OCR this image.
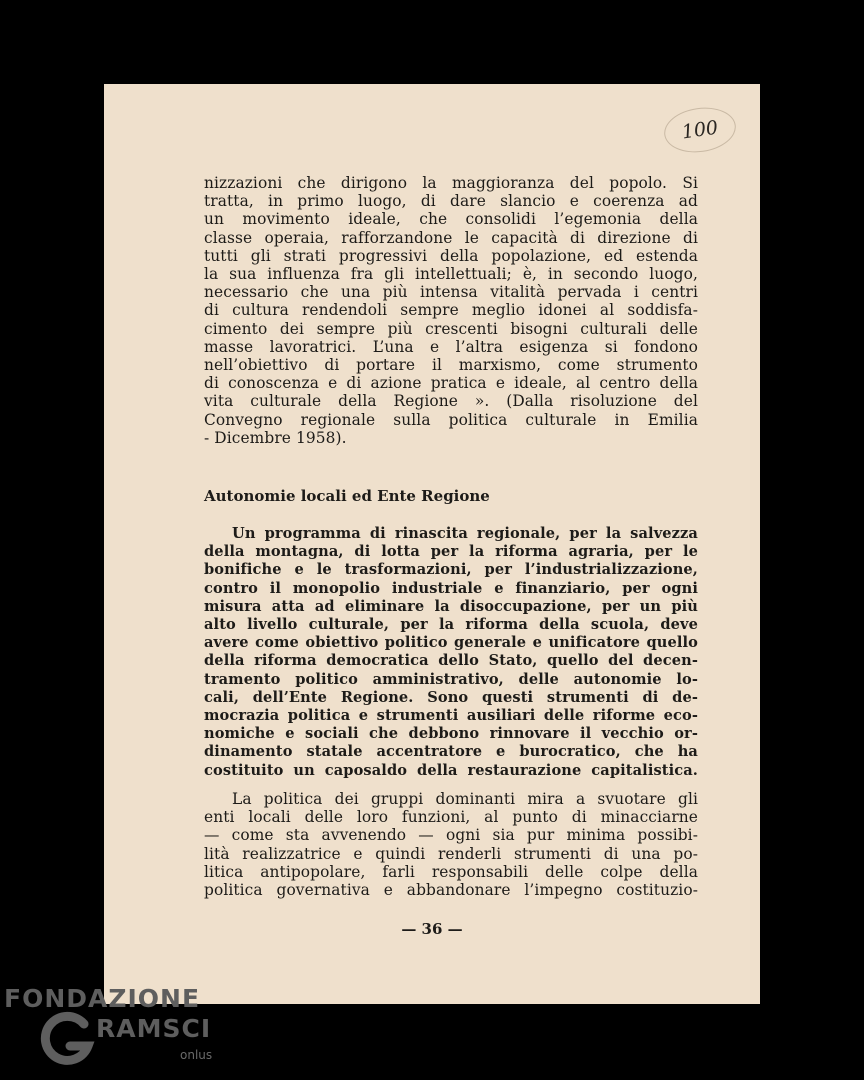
100
nizzazioni che dirigono la maggioranza del popolo. Si
tratta, in primo luogo, di dare slancio e coerenza ad
un movimento ideale, che consolidi l’egemonia della
classe operaia, rafforzandone le capacità di direzione di
tutti gli strati progressivi della popolazione, ed estenda
la sua influenza fra gli intellettuali; è, in secondo luogo,
necessario che una più intensa vitalità pervada i centri
di cultura rendendoli sempre meglio idonei al soddisfa-
cimento dei sempre più crescenti bisogni culturali delle
masse lavoratrici. L’una e l’altra esigenza si fondono
nell’obiettivo di portare il marxismo, come strumento
di conoscenza e di azione pratica e ideale, al centro della
vita culturale della Regione ». (Dalla risoluzione del
Convegno regionale sulla politica culturale in Emilia
- Dicembre 1958).
Autonomie locali ed Ente Regione
Un programma di rinascita regionale, per la salvezza
della montagna, di lotta per la riforma agraria, per le
bonifiche e le trasformazioni, per l’industrializzazione,
contro il monopolio industriale e finanziario, per ogni
misura atta ad eliminare la disoccupazione, per un più
alto livello culturale, per la riforma della scuola, deve
avere come obiettivo politico generale e unificatore quello
della riforma democratica dello Stato, quello del decen-
tramento politico amministrativo, delle autonomie lo-
cali, dell’Ente Regione. Sono questi strumenti di de-
mocrazia politica e strumenti ausiliari delle riforme eco-
nomiche e sociali che debbono rinnovare il vecchio or-
dinamento statale accentratore e burocratico, che ha
costituito un caposaldo della restaurazione capitalistica.
La politica dei gruppi dominanti mira a svuotare gli
enti locali delle loro funzioni, al punto di minacciarne
— come sta avvenendo — ogni sia pur minima possibi-
lità realizzatrice e quindi renderli strumenti di una po-
litica antipopolare, farli responsabili delle colpe della
politica governativa e abbandonare l’impegno costituzio-
— 36 —
FONDAZIONE
RAMSCI
onlus
